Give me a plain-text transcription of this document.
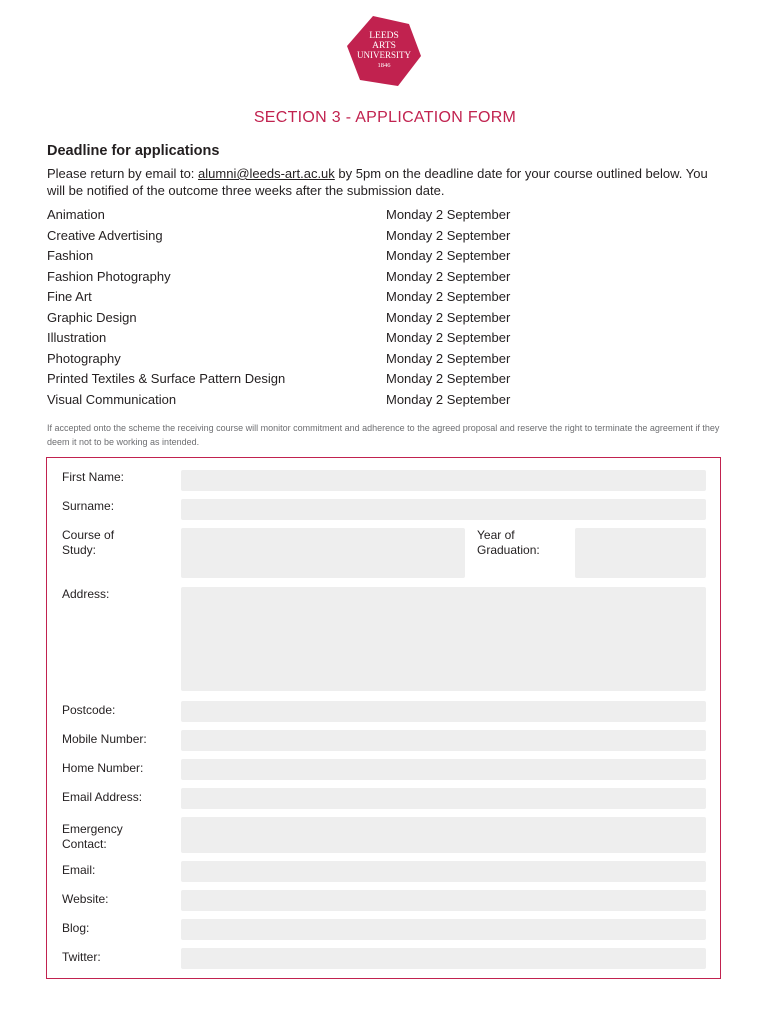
LEEDS
ARTS
UNIVERSITY
1846
SECTION 3 - APPLICATION FORM
Deadline for applications
Please return by email to: alumni@leeds-art.ac.uk by 5pm on the deadline date for your course outlined below. You will be notified of the outcome three weeks after the submission date.
Animation	Monday 2 September
Creative Advertising	Monday 2 September
Fashion	Monday 2 September
Fashion Photography	Monday 2 September
Fine Art	Monday 2 September
Graphic Design	Monday 2 September
Illustration	Monday 2 September
Photography	Monday 2 September
Printed Textiles & Surface Pattern Design	Monday 2 September
Visual Communication	Monday 2 September
If accepted onto the scheme the receiving course will monitor commitment and adherence to the agreed proposal and reserve the right to terminate the agreement if they deem it not to be working as intended.
First Name:
Surname:
Course of
Study:
Year of
Graduation:
Address:
Postcode:
Mobile Number:
Home Number:
Email Address:
Emergency
Contact:
Email:
Website:
Blog:
Twitter:
